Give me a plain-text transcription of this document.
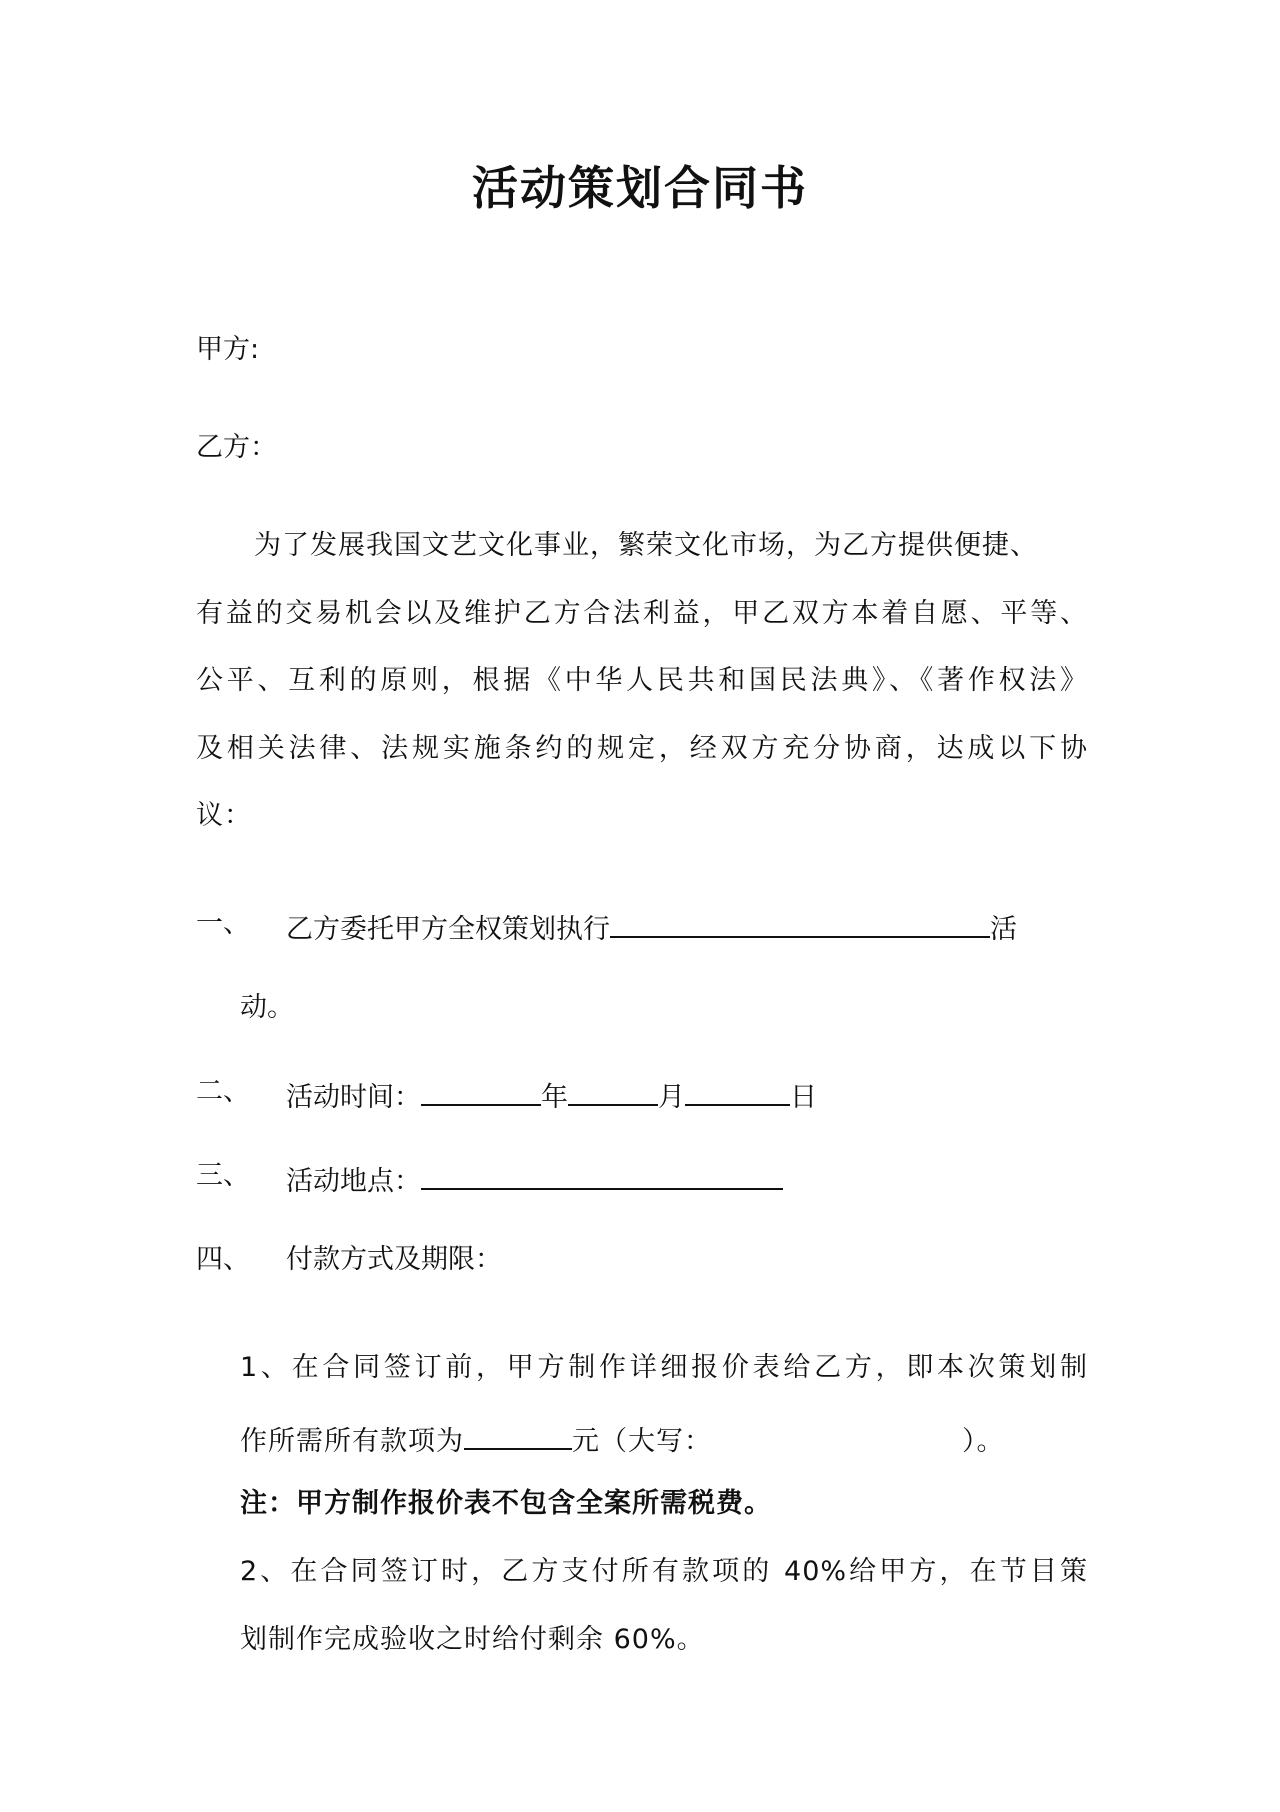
活动策划合同书
甲方:
乙方：
为了发展我国文艺文化事业，繁荣文化市场，为乙方提供便捷、
有益的交易机会以及维护乙方合法利益，甲乙双方本着自愿、平等、
公平、互利的原则，根据《中华人民共和国民法典》、《著作权法》
及相关法律、法规实施条约的规定，经双方充分协商，达成以下协
议：
一、 乙方委托甲方全权策划执行	活
动。
二、 活动时间：	年	月	日
三、 活动地点：
四、 付款方式及期限：
1、在合同签订前，甲方制作详细报价表给乙方，即本次策划制
作所需所有款项为	元（大写：	）。
注：甲方制作报价表不包含全案所需税费。
2、在合同签订时，乙方支付所有款项的 40%给甲方，在节目策
划制作完成验收之时给付剩余 60%。
